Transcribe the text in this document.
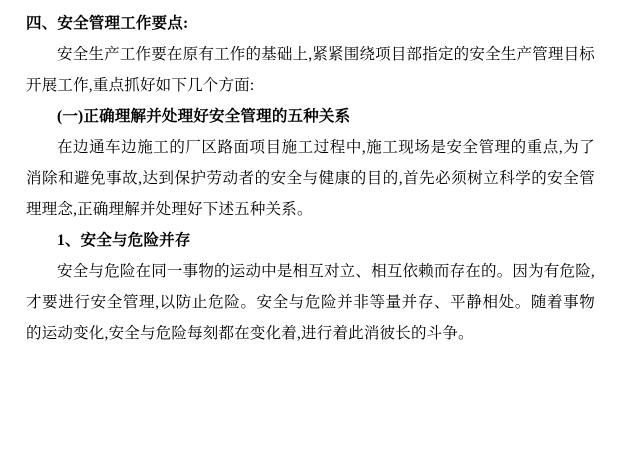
四、安全管理工作要点:

安全生产工作要在原有工作的基础上,紧紧围绕项目部指定的安全生产管理目标开展工作,重点抓好如下几个方面:

(一)正确理解并处理好安全管理的五种关系

在边通车边施工的厂区路面项目施工过程中,施工现场是安全管理的重点,为了消除和避免事故,达到保护劳动者的安全与健康的目的,首先必须树立科学的安全管理理念,正确理解并处理好下述五种关系。

1、安全与危险并存

安全与危险在同一事物的运动中是相互对立、相互依赖而存在的。因为有危险,才要进行安全管理,以防止危险。安全与危险并非等量并存、平静相处。随着事物的运动变化,安全与危险每刻都在变化着,进行着此消彼长的斗争。
